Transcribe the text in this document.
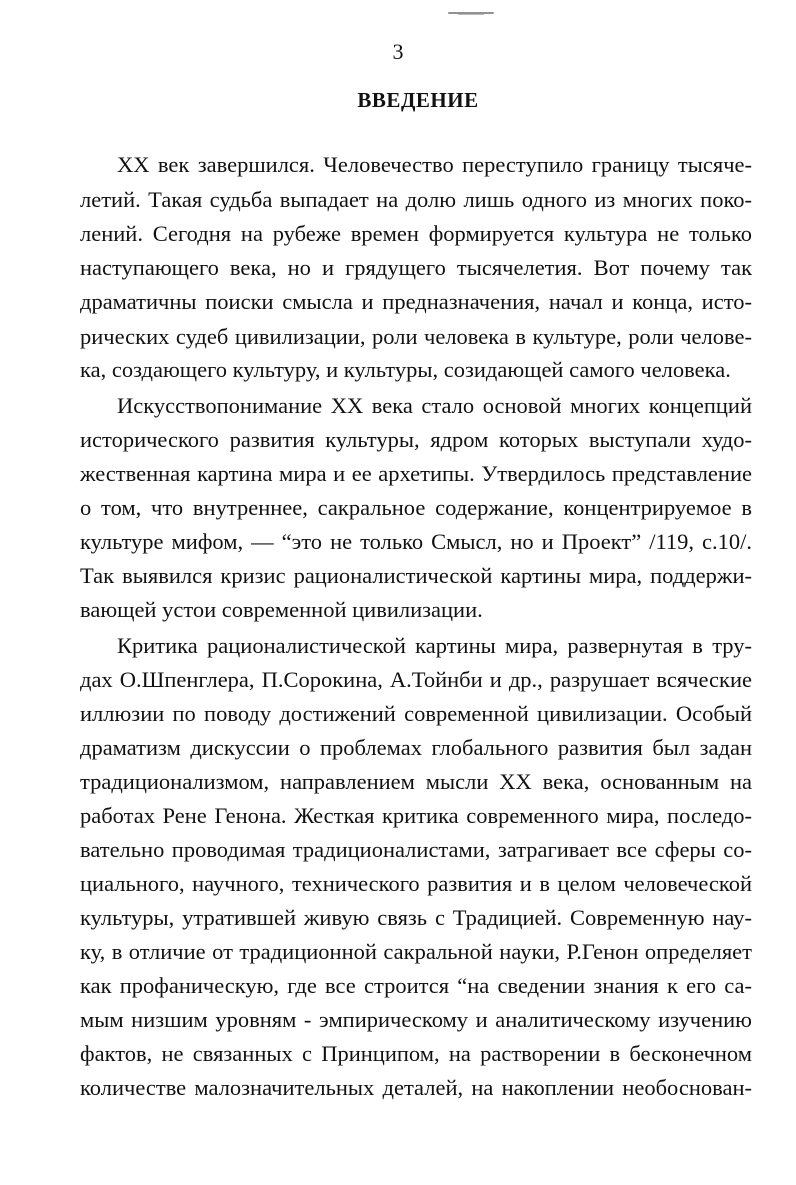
3
ВВЕДЕНИЕ
XX век завершился. Человечество переступило границу тысяче-
летий. Такая судьба выпадает на долю лишь одного из многих поко-
лений. Сегодня на рубеже времен формируется культура не только
наступающего века, но и грядущего тысячелетия. Вот почему так
драматичны поиски смысла и предназначения, начал и конца, исто-
рических судеб цивилизации, роли человека в культуре, роли челове-
ка, создающего культуру, и культуры, созидающей самого человека.
Искусствопонимание XX века стало основой многих концепций
исторического развития культуры, ядром которых выступали худо-
жественная картина мира и ее архетипы. Утвердилось представление
о том, что внутреннее, сакральное содержание, концентрируемое в
культуре мифом, — “это не только Смысл, но и Проект” /119, с.10/.
Так выявился кризис рационалистической картины мира, поддержи-
вающей устои современной цивилизации.
Критика рационалистической картины мира, развернутая в тру-
дах О.Шпенглера, П.Сорокина, А.Тойнби и др., разрушает всяческие
иллюзии по поводу достижений современной цивилизации. Особый
драматизм дискуссии о проблемах глобального развития был задан
традиционализмом, направлением мысли XX века, основанным на
работах Рене Генона. Жесткая критика современного мира, последо-
вательно проводимая традиционалистами, затрагивает все сферы со-
циального, научного, технического развития и в целом человеческой
культуры, утратившей живую связь с Традицией. Современную нау-
ку, в отличие от традиционной сакральной науки, Р.Генон определяет
как профаническую, где все строится “на сведении знания к его са-
мым низшим уровням - эмпирическому и аналитическому изучению
фактов, не связанных с Принципом, на растворении в бесконечном
количестве малозначительных деталей, на накоплении необоснован-
